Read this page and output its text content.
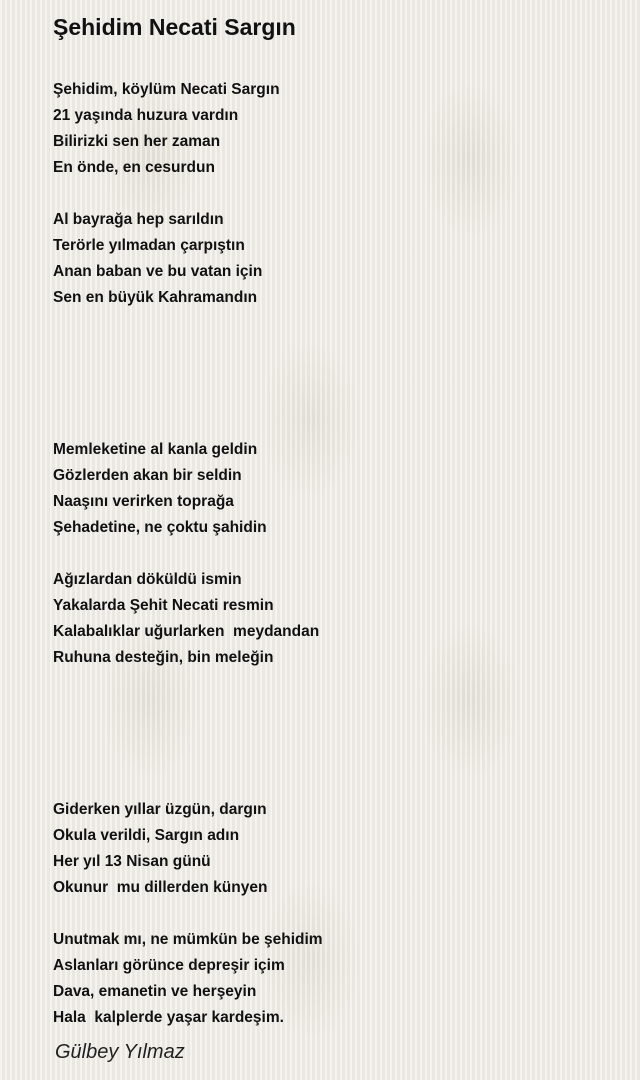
Şehidim Necati Sargın
Şehidim, köylüm Necati Sargın
21 yaşında huzura vardın
Bilirizki sen her zaman
En önde, en cesurdun
Al bayrağa hep sarıldın
Terörle yılmadan çarpıştın
Anan baban ve bu vatan için
Sen en büyük Kahramandın
Memleketine al kanla geldin
Gözlerden akan bir seldin
Naaşını verirken toprağa
Şehadetine, ne çoktu şahidin
Ağızlardan döküldü ismin
Yakalarda Şehit Necati resmin
Kalabalıklar uğurlarken  meydandan
Ruhuna desteğin, bin meleğin
Giderken yıllar üzgün, dargın
Okula verildi, Sargın adın
Her yıl 13 Nisan günü
Okunur  mu dillerden künyen
Unutmak mı, ne mümkün be şehidim
Aslanları görünce depreşir içim
Dava, emanetin ve herşeyin
Hala  kalplerde yaşar kardeşim.

Gülbey Yılmaz
